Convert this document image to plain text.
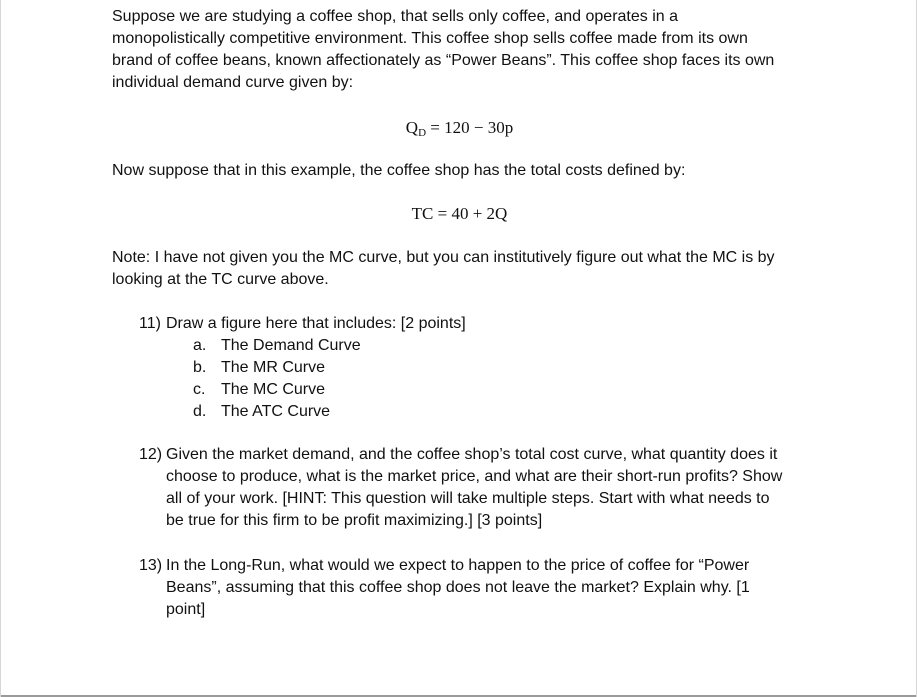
Suppose we are studying a coffee shop, that sells only coffee, and operates in a
monopolistically competitive environment. This coffee shop sells coffee made from its own
brand of coffee beans, known affectionately as “Power Beans”. This coffee shop faces its own
individual demand curve given by:

$Q_D = 120 - 30p$

Now suppose that in this example, the coffee shop has the total costs defined by:

TC = 40 + 2Q

Note: I have not given you the MC curve, but you can institutively figure out what the MC is by
looking at the TC curve above.

11) Draw a figure here that includes: [2 points]
a. The Demand Curve
b. The MR Curve
c. The MC Curve
d. The ATC Curve
12) Given the market demand, and the coffee shop’s total cost curve, what quantity does it
choose to produce, what is the market price, and what are their short-run profits? Show
all of your work. [HINT: This question will take multiple steps. Start with what needs to
be true for this firm to be profit maximizing.] [3 points]
13) In the Long-Run, what would we expect to happen to the price of coffee for “Power
Beans”, assuming that this coffee shop does not leave the market? Explain why. [1
point]
